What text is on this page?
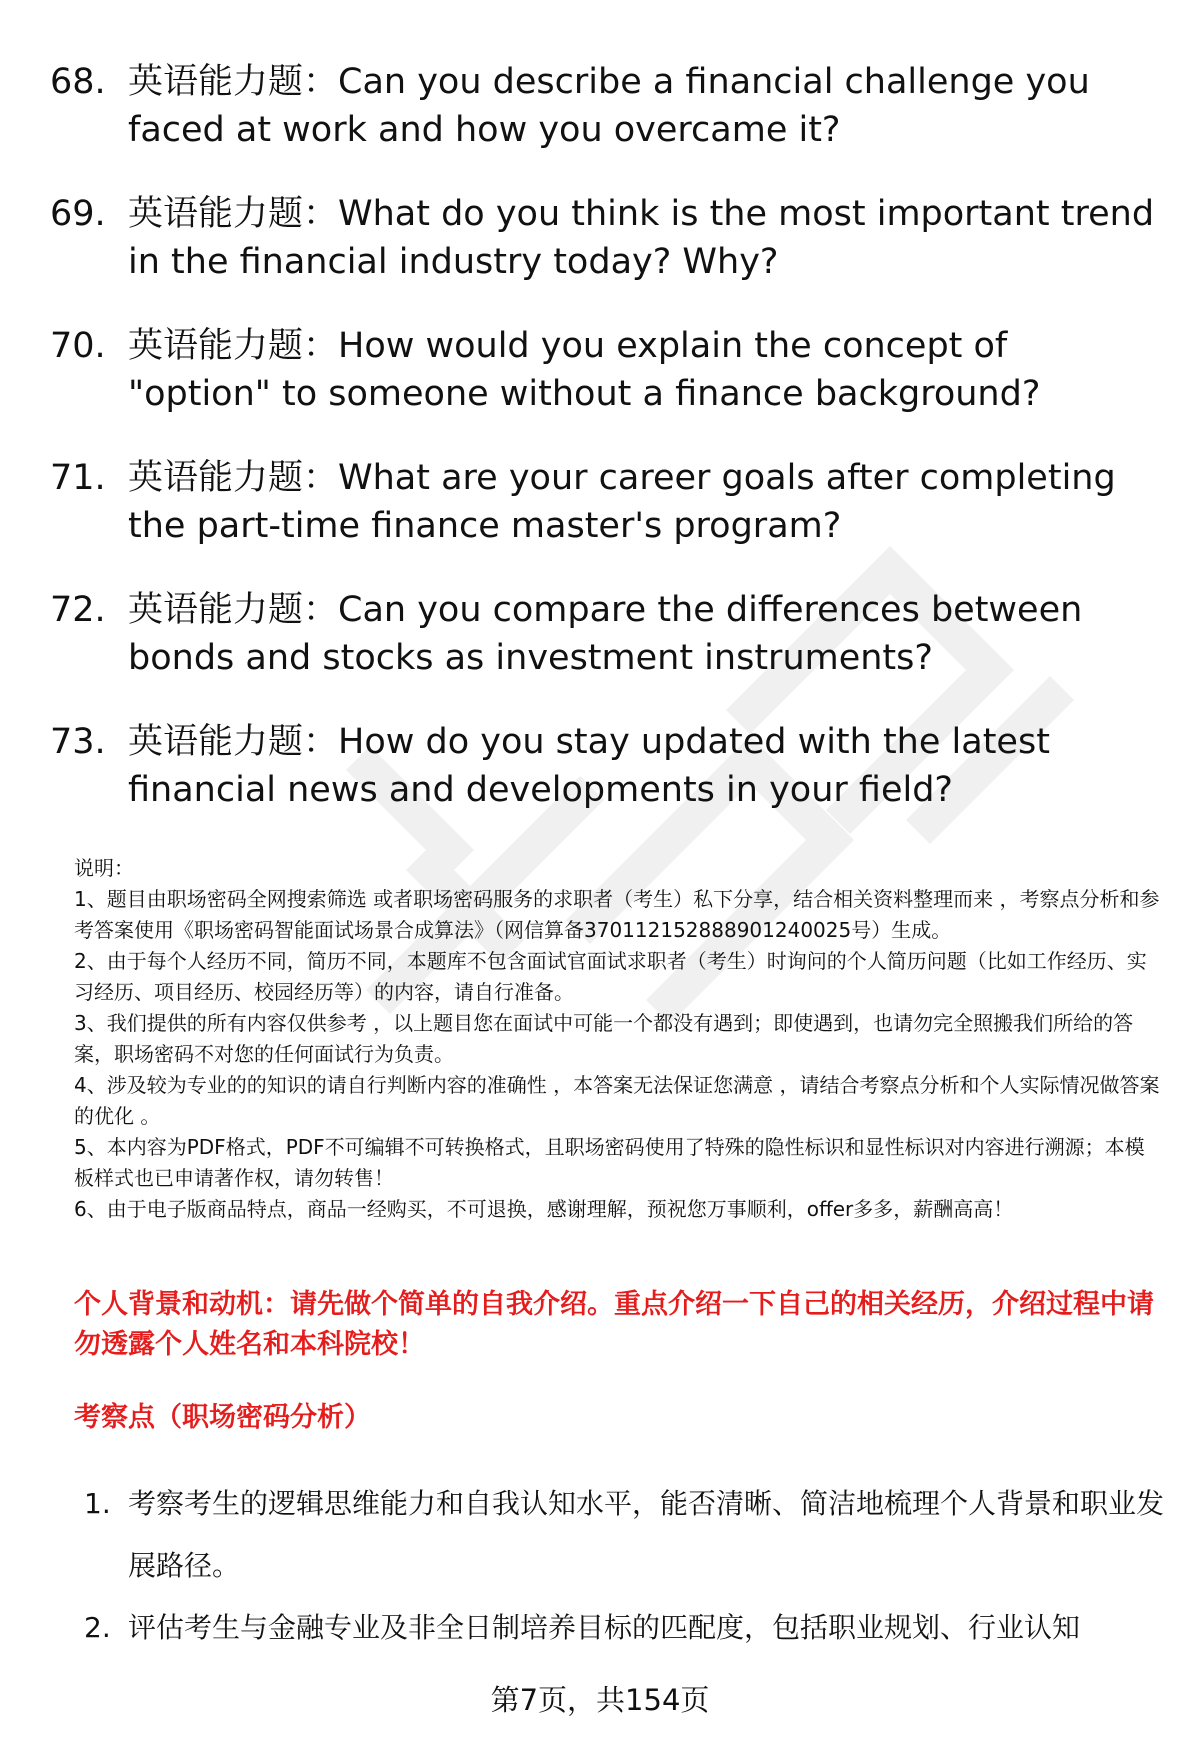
68. 英语能力题：Can you describe a financial challenge you faced at work and how you overcame it?
69. 英语能力题：What do you think is the most important trend in the financial industry today? Why?
70. 英语能力题：How would you explain the concept of "option" to someone without a finance background?
71. 英语能力题：What are your career goals after completing the part-time finance master's program?
72. 英语能力题：Can you compare the differences between bonds and stocks as investment instruments?
73. 英语能力题：How do you stay updated with the latest financial news and developments in your field?

说明：

1、题目由职场密码全网搜索筛选 或者职场密码服务的求职者（考生）私下分享，结合相关资料整理而来 ，考察点分析和参考答案使用《职场密码智能面试场景合成算法》（网信算备370112152888901240025号）生成。

2、由于每个人经历不同，简历不同，本题库不包含面试官面试求职者（考生）时询问的个人简历问题（比如工作经历、实习经历、项目经历、校园经历等）的内容，请自行准备。

3、我们提供的所有内容仅供参考 ，以上题目您在面试中可能一个都没有遇到；即使遇到，也请勿完全照搬我们所给的答案，职场密码不对您的任何面试行为负责。

4、涉及较为专业的的知识的请自行判断内容的准确性 ，本答案无法保证您满意 ，请结合考察点分析和个人实际情况做答案的优化 。

5、本内容为PDF格式，PDF不可编辑不可转换格式，且职场密码使用了特殊的隐性标识和显性标识对内容进行溯源；本模板样式也已申请著作权，请勿转售！

6、由于电子版商品特点，商品一经购买，不可退换，感谢理解，预祝您万事顺利，offer多多，薪酬高高！

个人背景和动机：请先做个简单的自我介绍。重点介绍一下自己的相关经历，介绍过程中请勿透露个人姓名和本科院校！
考察点（职场密码分析）
1. 考察考生的逻辑思维能力和自我认知水平，能否清晰、简洁地梳理个人背景和职业发展路径。
2. 评估考生与金融专业及非全日制培养目标的匹配度，包括职业规划、行业认知
第7页，共154页
